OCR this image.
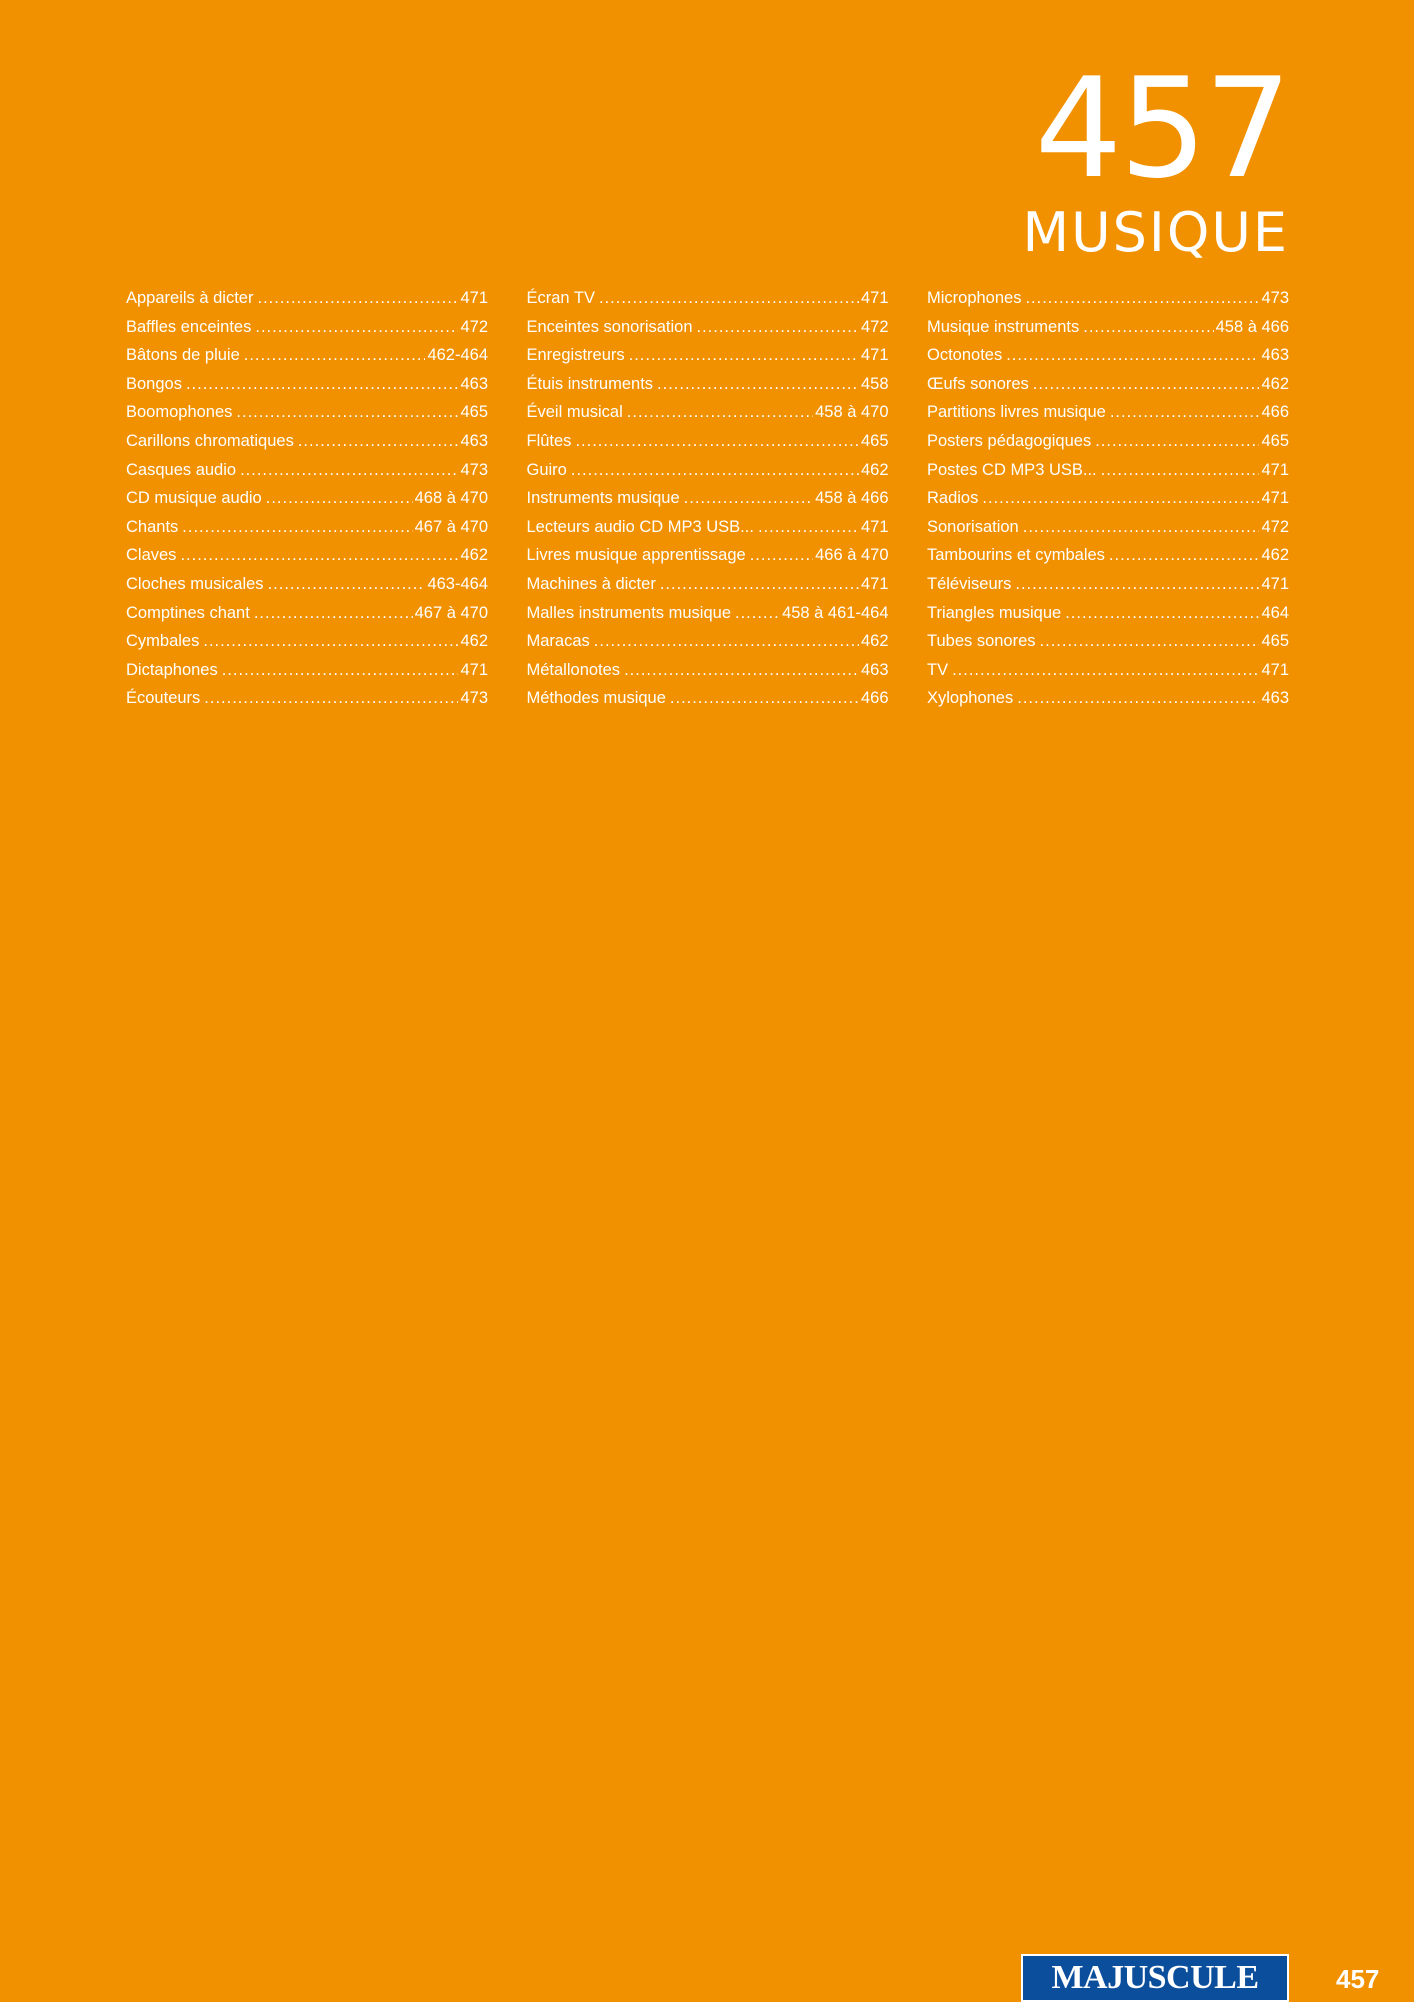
457
MUSIQUE
Appareils à dicter .....	471
Baffles enceintes .....	472
Bâtons de pluie .....	462-464
Bongos .....	463
Boomophones .....	465
Carillons chromatiques .....	463
Casques audio .....	473
CD musique audio .....	468 à 470
Chants .....	467 à 470
Claves .....	462
Cloches musicales .....	463-464
Comptines chant .....	467 à 470
Cymbales .....	462
Dictaphones .....	471
Écouteurs .....	473
Écran TV .....	471
Enceintes sonorisation .....	472
Enregistreurs .....	471
Étuis instruments .....	458
Éveil musical .....	458 à 470
Flûtes .....	465
Guiro .....	462
Instruments musique .....	458 à 466
Lecteurs audio CD MP3 USB... .....	471
Livres musique apprentissage .....	466 à 470
Machines à dicter .....	471
Malles instruments musique .....	458 à 461-464
Maracas .....	462
Métallonotes .....	463
Méthodes musique .....	466
Microphones .....	473
Musique instruments .....	458 à 466
Octonotes .....	463
Œufs sonores .....	462
Partitions livres musique .....	466
Posters pédagogiques .....	465
Postes CD MP3 USB... .....	471
Radios .....	471
Sonorisation .....	472
Tambourins et cymbales .....	462
Téléviseurs .....	471
Triangles musique .....	464
Tubes sonores .....	465
TV .....	471
Xylophones .....	463
MAJUSCULE	457
